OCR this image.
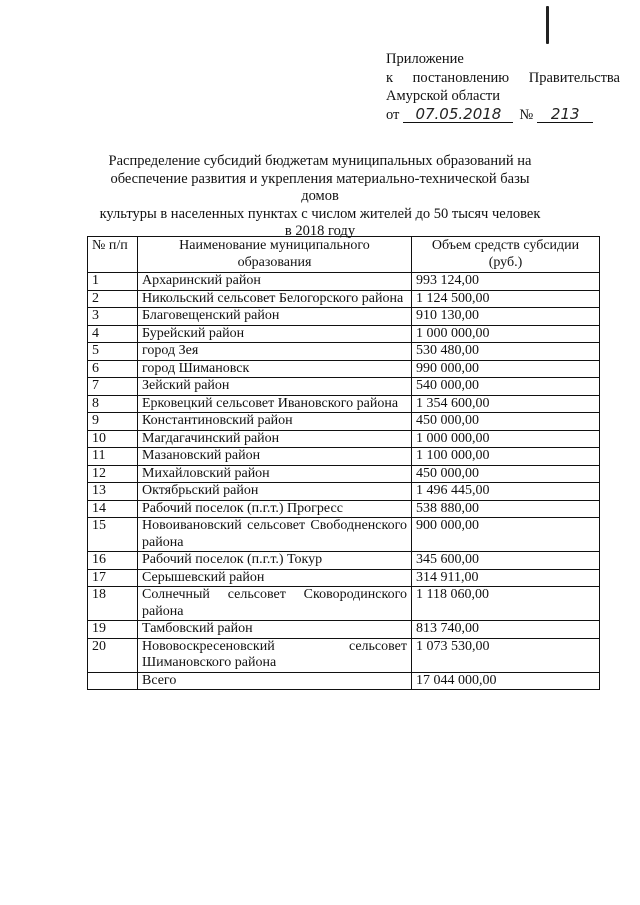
Приложение
к постановлению Правительства
Амурской области
от	07.05.2018	№	213
Распределение субсидий бюджетам муниципальных образований на
обеспечение развития и укрепления материально-технической базы домов
культуры в населенных пунктах с числом жителей до 50 тысяч человек
в 2018 году
№ п/п	Наименование муниципального образования	Объем средств субсидии (руб.)
1	Архаринский район	993 124,00
2	Никольский сельсовет Белогорского района	1 124 500,00
3	Благовещенский район	910 130,00
4	Бурейский район	1 000 000,00
5	город Зея	530 480,00
6	город Шимановск	990 000,00
7	Зейский район	540 000,00
8	Ерковецкий сельсовет Ивановского района	1 354 600,00
9	Константиновский район	450 000,00
10	Магдагачинский район	1 000 000,00
11	Мазановский район	1 100 000,00
12	Михайловский район	450 000,00
13	Октябрьский район	1 496 445,00
14	Рабочий поселок (п.г.т.) Прогресс	538 880,00
15	Новоивановский сельсовет Свободненского района	900 000,00
16	Рабочий поселок (п.г.т.) Токур	345 600,00
17	Серышевский район	314 911,00
18	Солнечный сельсовет Сковородинского района	1 118 060,00
19	Тамбовский район	813 740,00
20	Нововоскресеновский сельсовет Шимановского района	1 073 530,00
	Всего	17 044 000,00
